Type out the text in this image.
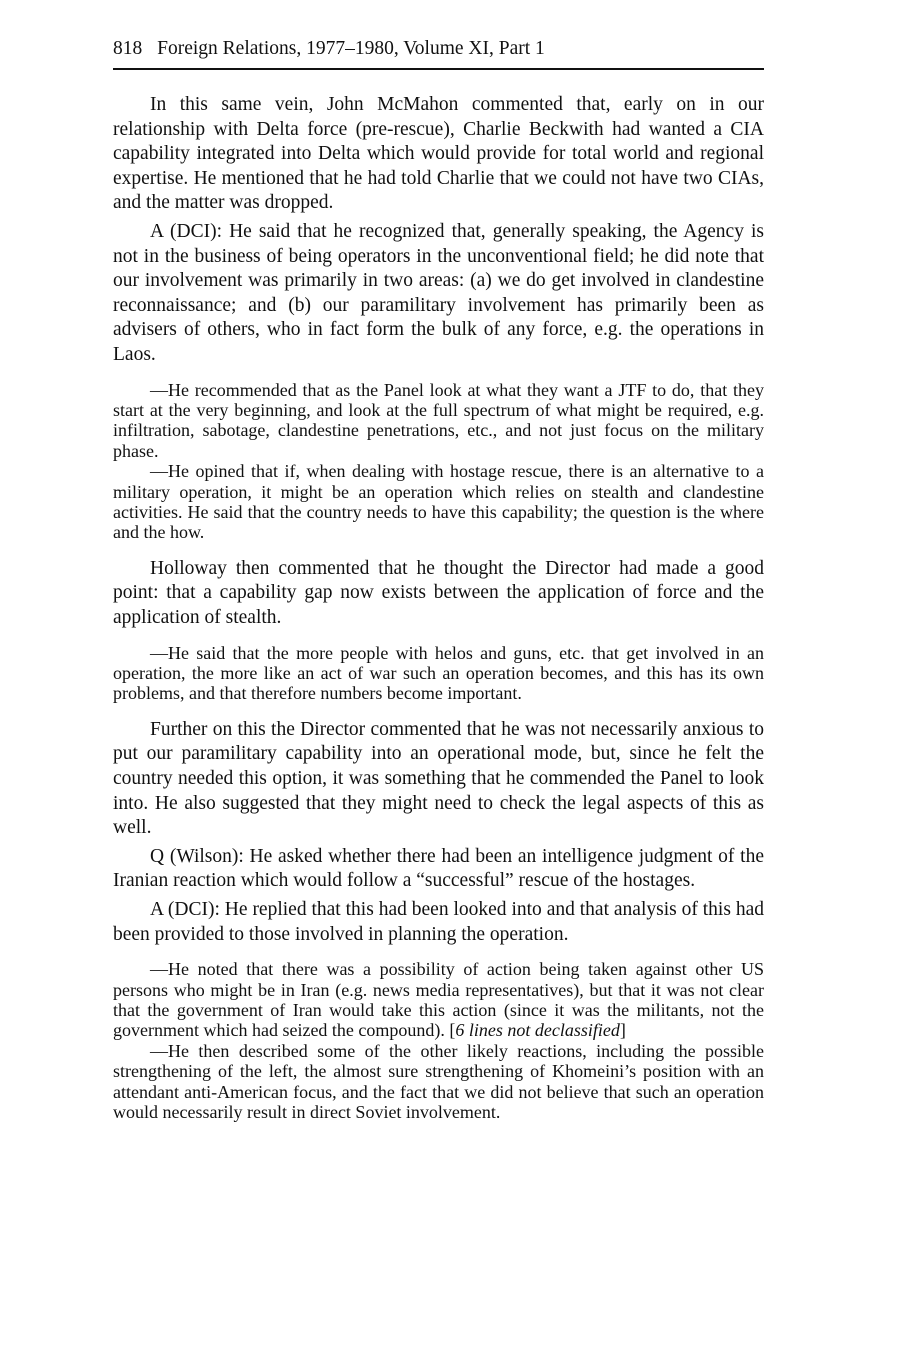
818 Foreign Relations, 1977–1980, Volume XI, Part 1

In this same vein, John McMahon commented that, early on in our relationship with Delta force (pre-rescue), Charlie Beckwith had wanted a CIA capability integrated into Delta which would provide for total world and regional expertise. He mentioned that he had told Charlie that we could not have two CIAs, and the matter was dropped.

A (DCI): He said that he recognized that, generally speaking, the Agency is not in the business of being operators in the unconventional field; he did note that our involvement was primarily in two areas: (a) we do get involved in clandestine reconnaissance; and (b) our paramilitary involvement has primarily been as advisers of others, who in fact form the bulk of any force, e.g. the operations in Laos.

—He recommended that as the Panel look at what they want a JTF to do, that they start at the very beginning, and look at the full spectrum of what might be required, e.g. infiltration, sabotage, clandestine penetrations, etc., and not just focus on the military phase.

—He opined that if, when dealing with hostage rescue, there is an alternative to a military operation, it might be an operation which relies on stealth and clandestine activities. He said that the country needs to have this capability; the question is the where and the how.

Holloway then commented that he thought the Director had made a good point: that a capability gap now exists between the application of force and the application of stealth.

—He said that the more people with helos and guns, etc. that get involved in an operation, the more like an act of war such an operation becomes, and this has its own problems, and that therefore numbers become important.

Further on this the Director commented that he was not necessarily anxious to put our paramilitary capability into an operational mode, but, since he felt the country needed this option, it was something that he commended the Panel to look into. He also suggested that they might need to check the legal aspects of this as well.

Q (Wilson): He asked whether there had been an intelligence judgment of the Iranian reaction which would follow a “successful” rescue of the hostages.

A (DCI): He replied that this had been looked into and that analysis of this had been provided to those involved in planning the operation.

—He noted that there was a possibility of action being taken against other US persons who might be in Iran (e.g. news media representatives), but that it was not clear that the government of Iran would take this action (since it was the militants, not the government which had seized the compound). [6 lines not declassified]

—He then described some of the other likely reactions, including the possible strengthening of the left, the almost sure strengthening of Khomeini’s position with an attendant anti-American focus, and the fact that we did not believe that such an operation would necessarily result in direct Soviet involvement.
